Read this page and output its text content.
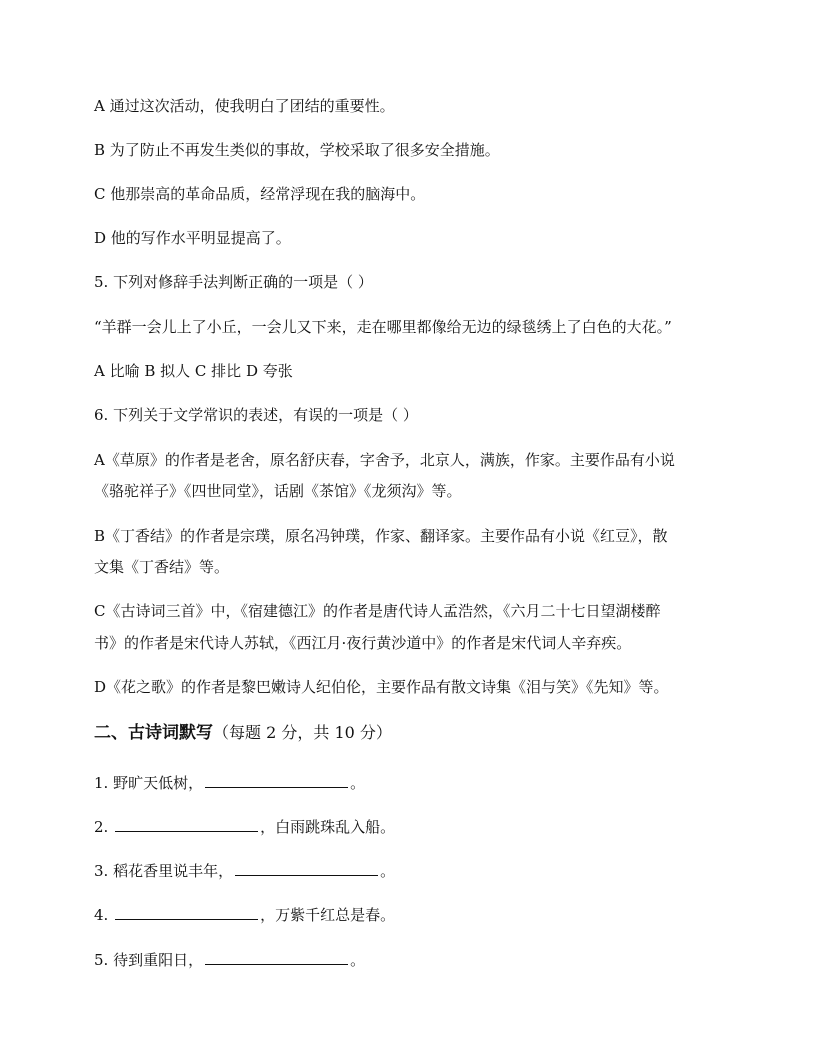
A 通过这次活动，使我明白了团结的重要性。
B 为了防止不再发生类似的事故，学校采取了很多安全措施。
C 他那崇高的革命品质，经常浮现在我的脑海中。
D 他的写作水平明显提高了。
5. 下列对修辞手法判断正确的一项是（ ）
“羊群一会儿上了小丘，一会儿又下来，走在哪里都像给无边的绿毯绣上了白色的大花。”
A 比喻 B 拟人 C 排比 D 夸张
6. 下列关于文学常识的表述，有误的一项是（ ）
A《草原》的作者是老舍，原名舒庆春，字舍予，北京人，满族，作家。主要作品有小说
《骆驼祥子》《四世同堂》，话剧《茶馆》《龙须沟》等。
B《丁香结》的作者是宗璞，原名冯钟璞，作家、翻译家。主要作品有小说《红豆》，散
文集《丁香结》等。
C《古诗词三首》中，《宿建德江》的作者是唐代诗人孟浩然，《六月二十七日望湖楼醉
书》的作者是宋代诗人苏轼，《西江月·夜行黄沙道中》的作者是宋代词人辛弃疾。
D《花之歌》的作者是黎巴嫩诗人纪伯伦，主要作品有散文诗集《泪与笑》《先知》等。
二、古诗词默写（每题 2 分，共 10 分）
1. 野旷天低树，	。
2.	，白雨跳珠乱入船。
3. 稻花香里说丰年，	。
4.	，万紫千红总是春。
5. 待到重阳日，	。
